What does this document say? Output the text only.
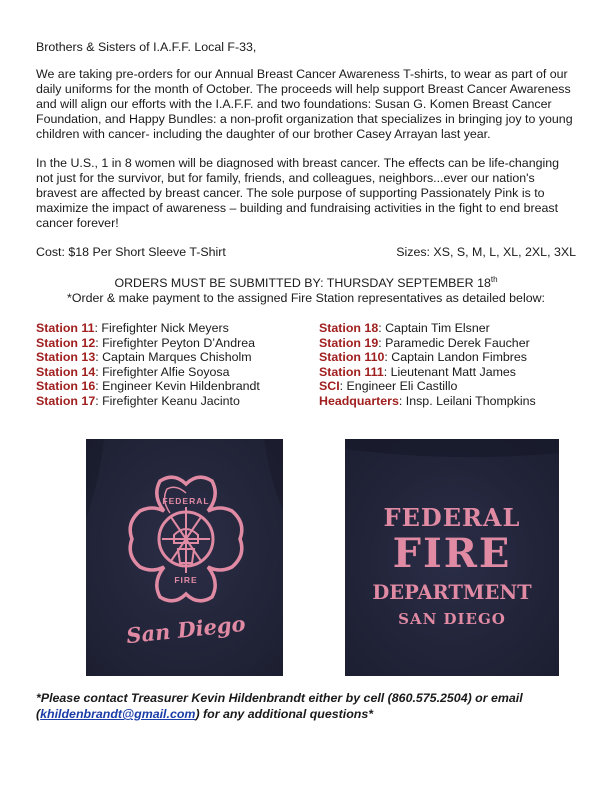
Brothers & Sisters of I.A.F.F. Local F-33,

We are taking pre-orders for our Annual Breast Cancer Awareness T-shirts, to wear as part of our daily uniforms for the month of October. The proceeds will help support Breast Cancer Awareness and will align our efforts with the I.A.F.F. and two foundations: Susan G. Komen Breast Cancer Foundation, and Happy Bundles: a non-profit organization that specializes in bringing joy to young children with cancer- including the daughter of our brother Casey Arrayan last year.

In the U.S., 1 in 8 women will be diagnosed with breast cancer. The effects can be life-changing not just for the survivor, but for family, friends, and colleagues, neighbors...ever our nation's bravest are affected by breast cancer. The sole purpose of supporting Passionately Pink is to maximize the impact of awareness – building and fundraising activities in the fight to end breast cancer forever!

Cost: $18 Per Short Sleeve T-Shirt	Sizes: XS, S, M, L, XL, 2XL, 3XL

ORDERS MUST BE SUBMITTED BY: THURSDAY SEPTEMBER 18th

*Order & make payment to the assigned Fire Station representatives as detailed below:

Station 11: Firefighter Nick Meyers
Station 12: Firefighter Peyton D’Andrea
Station 13: Captain Marques Chisholm
Station 14: Firefighter Alfie Soyosa
Station 16: Engineer Kevin Hildenbrandt
Station 17: Firefighter Keanu Jacinto
Station 18: Captain Tim Elsner
Station 19: Paramedic Derek Faucher
Station 110: Captain Landon Fimbres
Station 111: Lieutenant Matt James
SCI: Engineer Eli Castillo
Headquarters: Insp. Leilani Thompkins
FEDERAL
FIRE
San Diego
FEDERAL
FIRE
DEPARTMENT
SAN DIEGO

*Please contact Treasurer Kevin Hildenbrandt either by cell (860.575.2504) or email (khildenbrandt@gmail.com) for any additional questions*
